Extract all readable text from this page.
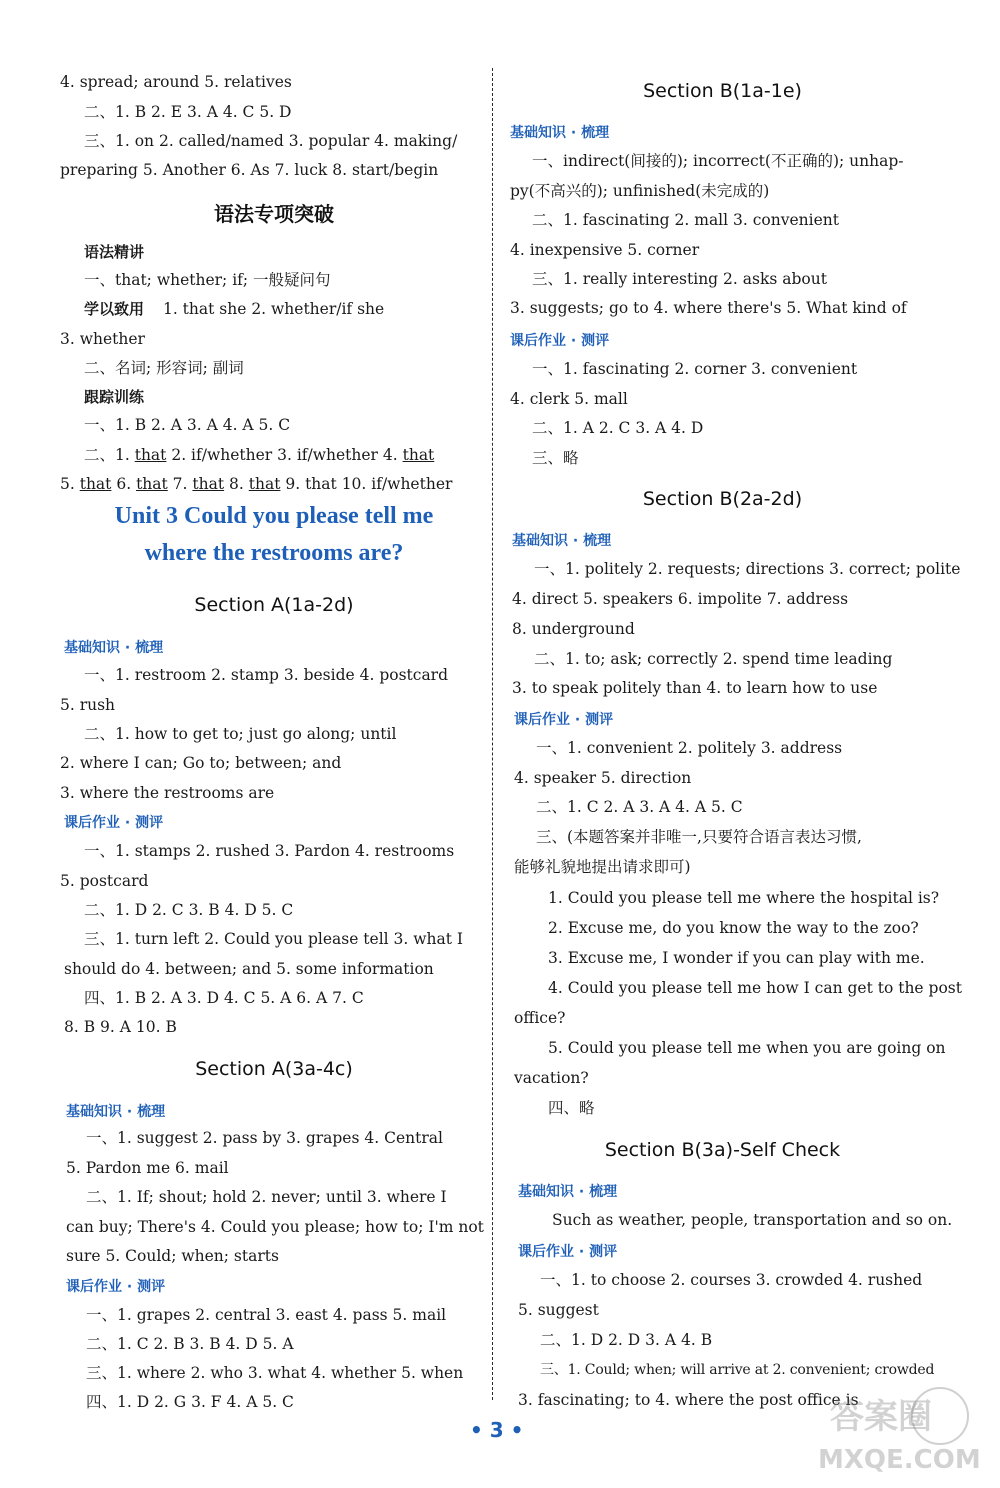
4. spread; around 5. relatives
二、1. B 2. E 3. A 4. C 5. D
三、1. on 2. called/named 3. popular 4. making/
preparing 5. Another 6. As 7. luck 8. start/begin
语法专项突破
语法精讲
一、that; whether; if; 一般疑问句
学以致用 1. that she 2. whether/if she
3. whether
二、名词; 形容词; 副词
跟踪训练
一、1. B 2. A 3. A 4. A 5. C
二、1. that 2. if/whether 3. if/whether 4. that
5. that 6. that 7. that 8. that 9. that 10. if/whether
Unit 3 Could you please tell me
where the restrooms are?
Section A(1a-2d)
基础知识 · 梳理
一、1. restroom 2. stamp 3. beside 4. postcard
5. rush
二、1. how to get to; just go along; until
2. where I can; Go to; between; and
3. where the restrooms are
课后作业 · 测评
一、1. stamps 2. rushed 3. Pardon 4. restrooms
5. postcard
二、1. D 2. C 3. B 4. D 5. C
三、1. turn left 2. Could you please tell 3. what I
should do 4. between; and 5. some information
四、1. B 2. A 3. D 4. C 5. A 6. A 7. C
8. B 9. A 10. B
Section A(3a-4c)
基础知识 · 梳理
一、1. suggest 2. pass by 3. grapes 4. Central
5. Pardon me 6. mail
二、1. If; shout; hold 2. never; until 3. where I
can buy; There's 4. Could you please; how to; I'm not
sure 5. Could; when; starts
课后作业 · 测评
一、1. grapes 2. central 3. east 4. pass 5. mail
二、1. C 2. B 3. B 4. D 5. A
三、1. where 2. who 3. what 4. whether 5. when
四、1. D 2. G 3. F 4. A 5. C
Section B(1a-1e)
基础知识 · 梳理
一、indirect(间接的); incorrect(不正确的); unhap-
py(不高兴的); unfinished(未完成的)
二、1. fascinating 2. mall 3. convenient
4. inexpensive 5. corner
三、1. really interesting 2. asks about
3. suggests; go to 4. where there's 5. What kind of
课后作业 · 测评
一、1. fascinating 2. corner 3. convenient
4. clerk 5. mall
二、1. A 2. C 3. A 4. D
三、略
Section B(2a-2d)
基础知识 · 梳理
一、1. politely 2. requests; directions 3. correct; polite
4. direct 5. speakers 6. impolite 7. address
8. underground
二、1. to; ask; correctly 2. spend time leading
3. to speak politely than 4. to learn how to use
课后作业 · 测评
一、1. convenient 2. politely 3. address
4. speaker 5. direction
二、1. C 2. A 3. A 4. A 5. C
三、(本题答案并非唯一,只要符合语言表达习惯,
能够礼貌地提出请求即可)
1. Could you please tell me where the hospital is?
2. Excuse me, do you know the way to the zoo?
3. Excuse me, I wonder if you can play with me.
4. Could you please tell me how I can get to the post
office?
5. Could you please tell me when you are going on
vacation?
四、略
Section B(3a)-Self Check
基础知识 · 梳理
Such as weather, people, transportation and so on.
课后作业 · 测评
一、1. to choose 2. courses 3. crowded 4. rushed
5. suggest
二、1. D 2. D 3. A 4. B
三、1. Could; when; will arrive at 2. convenient; crowded
3. fascinating; to 4. where the post office is
• 3 •	答案圈
MXQE.COM
